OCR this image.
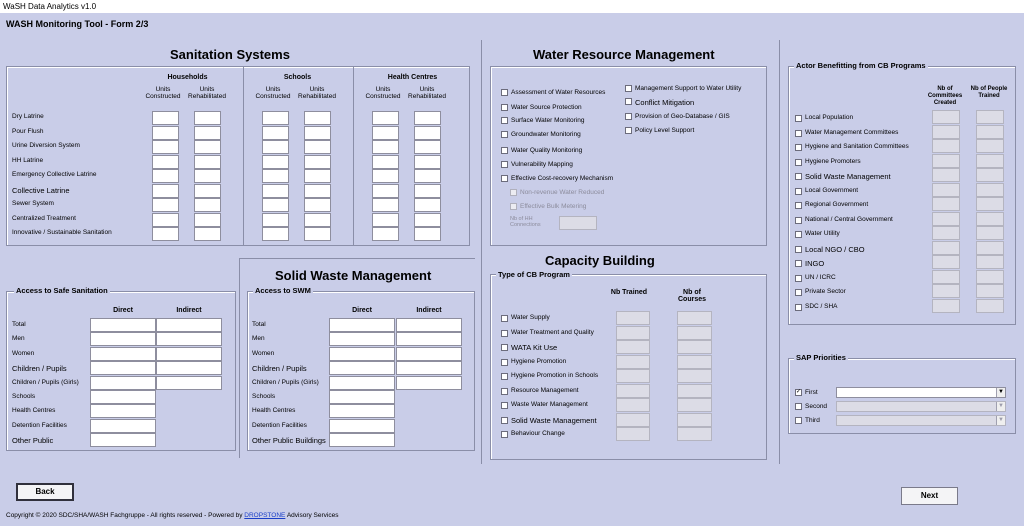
WaSH Data Analytics v1.0
WASH Monitoring Tool - Form 2/3
Sanitation Systems
Households
Units Constructed
Units Rehabilitated
Schools
Units Constructed
Units Rehabilitated
Health Centres
Units Constructed
Units Rehabilitated
Dry Latrine
Pour Flush
Urine Diversion System
HH Latrine
Emergency Collective Latrine
Collective Latrine
Sewer System
Centralized Treatment
Innovative / Sustainable Sanitation
Access to Safe Sanitation
Direct	Indirect
Total
Men
Women
Children / Pupils
Children / Pupils (Girls)
Schools
Health Centres
Detention Facilities
Other Public
Solid Waste Management
Access to SWM
Direct	Indirect
Total
Men
Women
Children / Pupils
Children / Pupils (Girls)
Schools
Health Centres
Detention Facilities
Other Public Buildings
Water Resource Management
Assessment of Water Resources
Water Source Protection
Surface Water Monitoring
Groundwater Monitoring
Water Quality Monitoring
Vulnerability Mapping
Effective Cost-recovery Mechanism
Non-revenue Water Reduced
Effective Bulk Metering
Management Support to Water Utility
Conflict Mitigation
Provision of Geo-Database / GIS
Policy Level Support
Nb of HH Connections
Capacity Building
Type of CB Program
Nb Trained	Nb of Courses
Water Supply
Water Treatment and Quality
WATA Kit Use
Hygiene Promotion
Hygiene Promotion in Schools
Resource Management
Waste Water Management
Solid Waste Management
Behaviour Change
Actor Benefitting from CB Programs
Nb of Committees Created
Nb of People Trained
Local Population
Water Management Committees
Hygiene and Sanitation Committees
Hygiene Promoters
Solid Waste Management
Local Government
Regional Government
National / Central Government
Water Utility
Local NGO / CBO
INGO
UN / ICRC
Private Sector
SDC / SHA
SAP Priorities
✓ First	▼
Second	▼
Third	▼
Back	Next
Copyright © 2020 SDC/SHA/WASH Fachgruppe - All rights reserved - Powered by DROPSTONE Advisory Services
